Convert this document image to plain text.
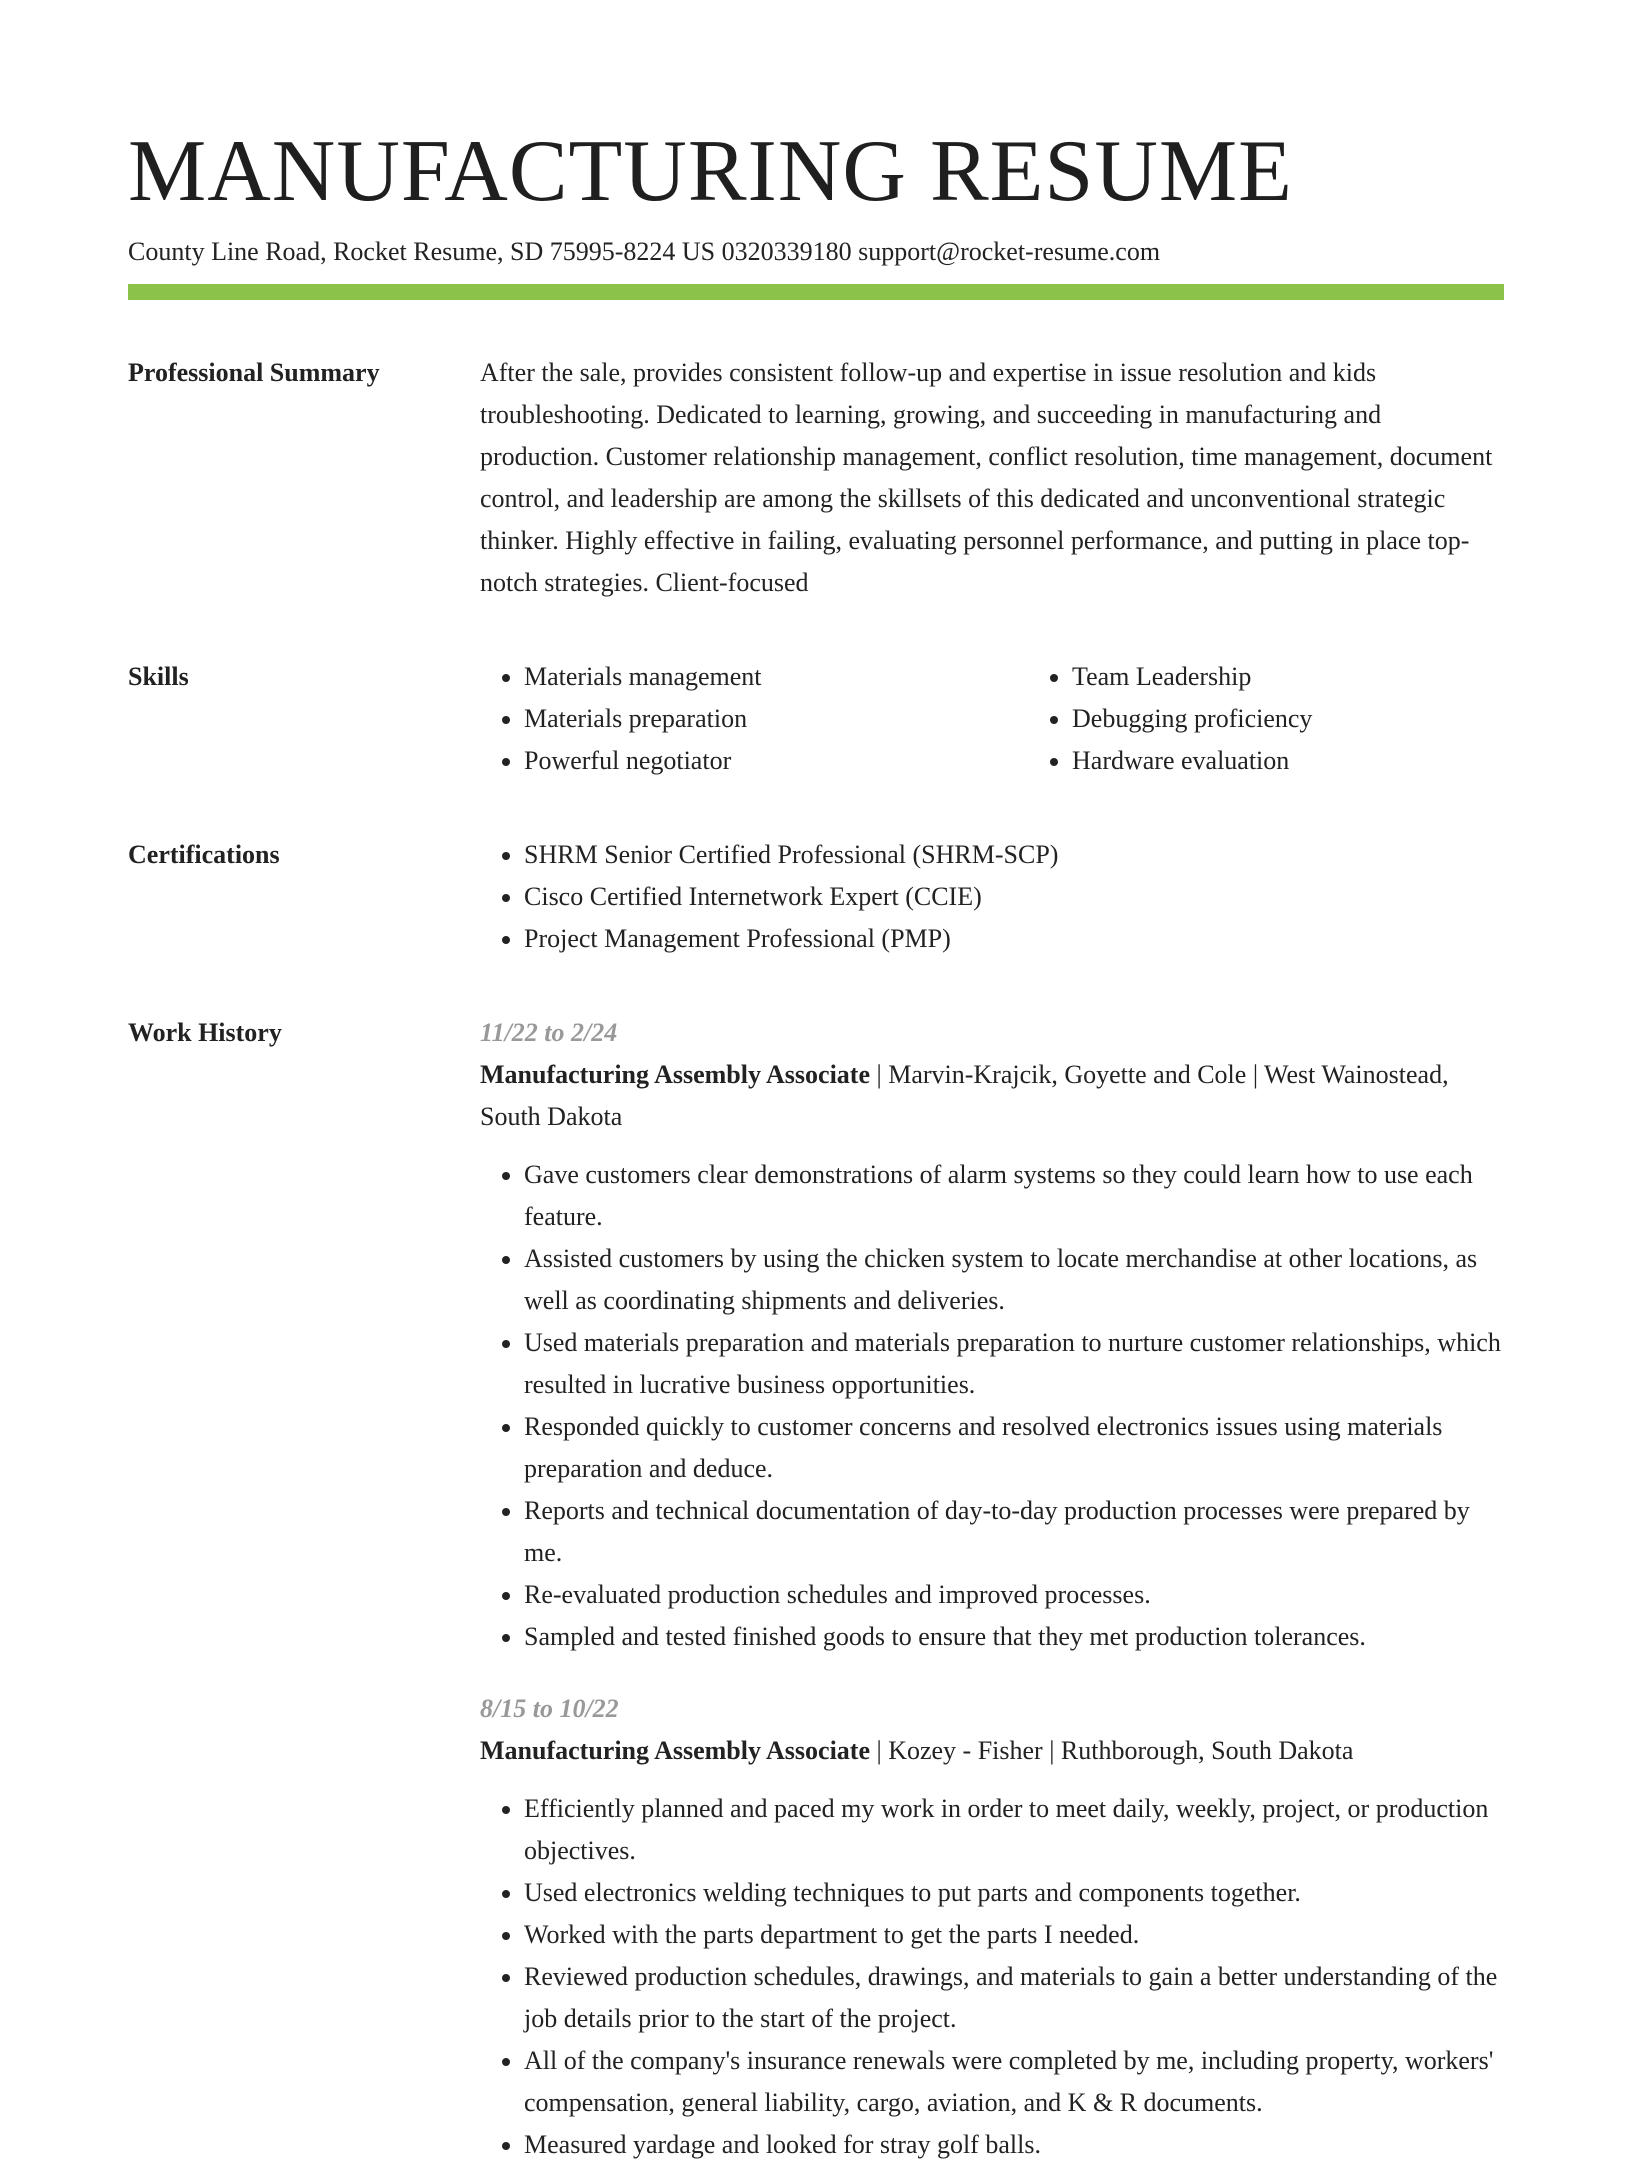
MANUFACTURING RESUME
County Line Road, Rocket Resume, SD 75995-8224 US 0320339180 support@rocket-resume.com
Professional Summary	After the sale, provides consistent follow-up and expertise in issue resolution and kids troubleshooting. Dedicated to learning, growing, and succeeding in manufacturing and production. Customer relationship management, conflict resolution, time management, document control, and leadership are among the skillsets of this dedicated and unconventional strategic thinker. Highly effective in failing, evaluating personnel performance, and putting in place top-notch strategies. Client-focused
Skills	• Materials management
• Materials preparation
• Powerful negotiator
• Team Leadership
• Debugging proficiency
• Hardware evaluation
Certifications	• SHRM Senior Certified Professional (SHRM-SCP)
• Cisco Certified Internetwork Expert (CCIE)
• Project Management Professional (PMP)
Work History	11/22 to 2/24
Manufacturing Assembly Associate | Marvin-Krajcik, Goyette and Cole | West Wainostead, South Dakota
• Gave customers clear demonstrations of alarm systems so they could learn how to use each feature.
• Assisted customers by using the chicken system to locate merchandise at other locations, as well as coordinating shipments and deliveries.
• Used materials preparation and materials preparation to nurture customer relationships, which resulted in lucrative business opportunities.
• Responded quickly to customer concerns and resolved electronics issues using materials preparation and deduce.
• Reports and technical documentation of day-to-day production processes were prepared by me.
• Re-evaluated production schedules and improved processes.
• Sampled and tested finished goods to ensure that they met production tolerances.
8/15 to 10/22
Manufacturing Assembly Associate | Kozey - Fisher | Ruthborough, South Dakota
• Efficiently planned and paced my work in order to meet daily, weekly, project, or production objectives.
• Used electronics welding techniques to put parts and components together.
• Worked with the parts department to get the parts I needed.
• Reviewed production schedules, drawings, and materials to gain a better understanding of the job details prior to the start of the project.
• All of the company's insurance renewals were completed by me, including property, workers' compensation, general liability, cargo, aviation, and K & R documents.
• Measured yardage and looked for stray golf balls.
